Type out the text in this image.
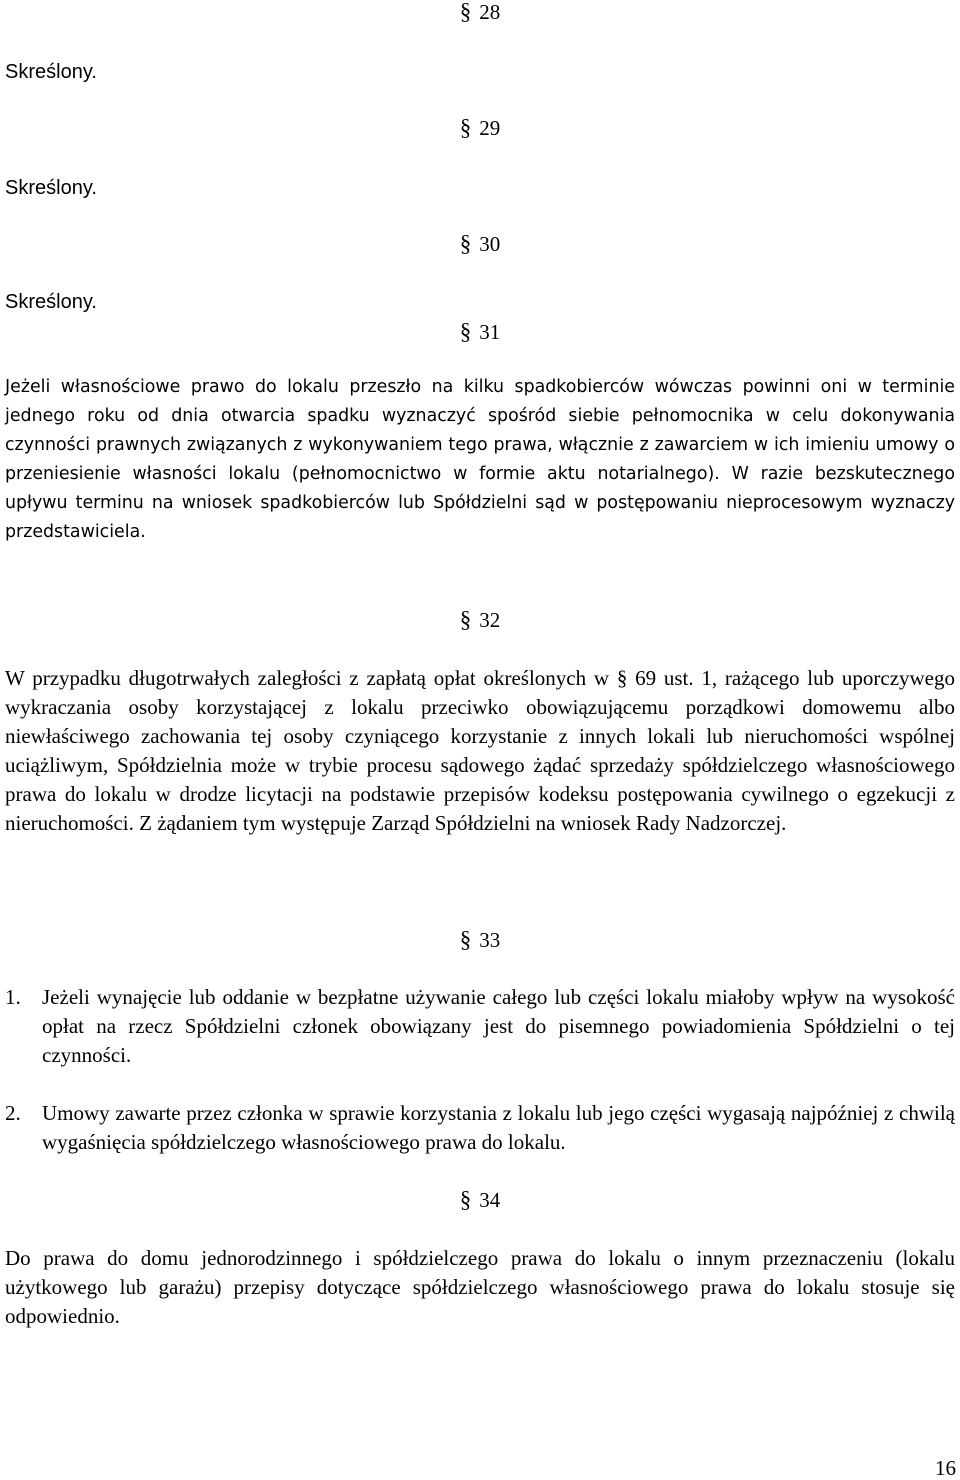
§ 28
Skreślony.
§ 29
Skreślony.
§ 30
Skreślony.
§ 31
Jeżeli własnościowe prawo do lokalu przeszło na kilku spadkobierców wówczas powinni oni w terminie jednego roku od dnia otwarcia spadku wyznaczyć spośród siebie pełnomocnika w celu dokonywania czynności prawnych związanych z wykonywaniem tego prawa, włącznie z zawarciem w ich imieniu umowy o przeniesienie własności lokalu (pełnomocnictwo w formie aktu notarialnego). W razie bezskutecznego upływu terminu na wniosek spadkobierców lub Spółdzielni sąd w postępowaniu nieprocesowym wyznaczy przedstawiciela.
§ 32
W przypadku długotrwałych zaległości z zapłatą opłat określonych w § 69 ust. 1, rażącego lub uporczywego wykraczania osoby korzystającej z lokalu przeciwko obowiązującemu porządkowi domowemu albo niewłaściwego zachowania tej osoby czyniącego korzystanie z innych lokali lub nieruchomości wspólnej uciążliwym, Spółdzielnia może w trybie procesu sądowego żądać sprzedaży spółdzielczego własnościowego prawa do lokalu w drodze licytacji na podstawie przepisów kodeksu postępowania cywilnego o egzekucji z nieruchomości. Z żądaniem tym występuje Zarząd Spółdzielni na wniosek Rady Nadzorczej.
§ 33
1.	Jeżeli wynajęcie lub oddanie w bezpłatne używanie całego lub części lokalu miałoby wpływ na wysokość opłat na rzecz Spółdzielni członek obowiązany jest do pisemnego powiadomienia Spółdzielni o tej czynności.
2.	Umowy zawarte przez członka w sprawie korzystania z lokalu lub jego części wygasają najpóźniej z chwilą wygaśnięcia spółdzielczego własnościowego prawa do lokalu.
§ 34
Do prawa do domu jednorodzinnego i spółdzielczego prawa do lokalu o innym przeznaczeniu (lokalu użytkowego lub garażu) przepisy dotyczące spółdzielczego własnościowego prawa do lokalu stosuje się odpowiednio.
16
